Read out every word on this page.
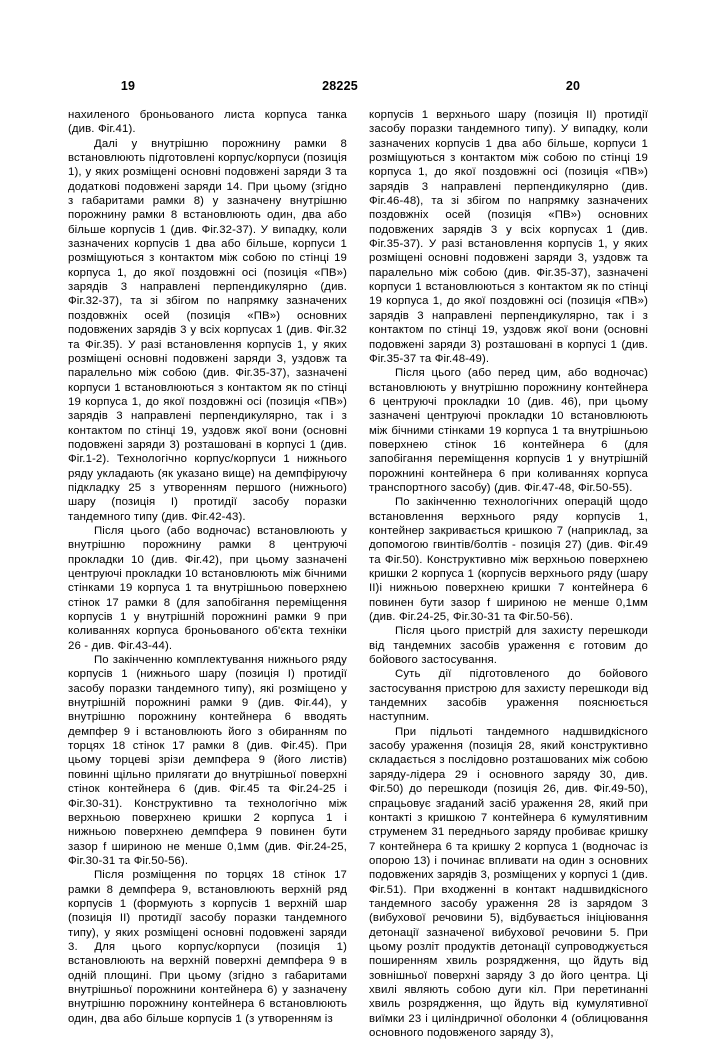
19	28225	20

нахиленого броньованого листа корпуса танка (див. Фіг.41).

Далі у внутрішню порожнину рамки 8 встановлюють підготовлені корпус/корпуси (позиція 1), у яких розміщені основні подовжені заряди 3 та додаткові подовжені заряди 14. При цьому (згідно з габаритами рамки 8) у зазначену внутрішню порожнину рамки 8 встановлюють один, два або більше корпусів 1 (див. Фіг.32-37). У випадку, коли зазначених корпусів 1 два або більше, корпуси 1 розміщуються з контактом між собою по стінці 19 корпуса 1, до якої поздовжні осі (позиція «ПВ») зарядів 3 направлені перпендикулярно (див. Фіг.32-37), та зі збігом по напрямку зазначених поздовжніх осей (позиція «ПВ») основних подовжених зарядів 3 у всіх корпусах 1 (див. Фіг.32 та Фіг.35). У разі встановлення корпусів 1, у яких розміщені основні подовжені заряди 3, уздовж та паралельно між собою (див. Фіг.35-37), зазначені корпуси 1 встановлюються з контактом як по стінці 19 корпуса 1, до якої поздовжні осі (позиція «ПВ») зарядів 3 направлені перпендикулярно, так і з контактом по стінці 19, уздовж якої вони (основні подовжені заряди 3) розташовані в корпусі 1 (див. Фіг.1-2). Технологічно корпус/корпуси 1 нижнього ряду укладають (як указано вище) на демпфіруючу підкладку 25 з утворенням першого (нижнього) шару (позиція I) протидії засобу поразки тандемного типу (див. Фіг.42-43).

Після цього (або водночас) встановлюють у внутрішню порожнину рамки 8 центруючі прокладки 10 (див. Фіг.42), при цьому зазначені центруючі прокладки 10 встановлюють між бічними стінками 19 корпуса 1 та внутрішньою поверхнею стінок 17 рамки 8 (для запобігання переміщення корпусів 1 у внутрішній порожнині рамки 9 при коливаннях корпуса броньованого об'єкта техніки 26 - див. Фіг.43-44).

По закінченню комплектування нижнього ряду корпусів 1 (нижнього шару (позиція I) протидії засобу поразки тандемного типу), які розміщено у внутрішній порожнині рамки 9 (див. Фіг.44), у внутрішню порожнину контейнера 6 вводять демпфер 9 і встановлюють його з обиранням по торцях 18 стінок 17 рамки 8 (див. Фіг.45). При цьому торцеві зрізи демпфера 9 (його листів) повинні щільно прилягати до внутрішньої поверхні стінок контейнера 6 (див. Фіг.45 та Фіг.24-25 і Фіг.30-31). Конструктивно та технологічно між верхньою поверхнею кришки 2 корпуса 1 і нижньою поверхнею демпфера 9 повинен бути зазор f шириною не менше 0,1мм (див. Фіг.24-25, Фіг.30-31 та Фіг.50-56).

Після розміщення по торцях 18 стінок 17 рамки 8 демпфера 9, встановлюють верхній ряд корпусів 1 (формують з корпусів 1 верхній шар (позиція II) протидії засобу поразки тандемного типу), у яких розміщені основні подовжені заряди 3. Для цього корпус/корпуси (позиція 1) встановлюють на верхній поверхні демпфера 9 в одній площині. При цьому (згідно з габаритами внутрішньої порожнини контейнера 6) у зазначену внутрішню порожнину контейнера 6 встановлюють один, два або більше корпусів 1 (з утворенням із

корпусів 1 верхнього шару (позиція II) протидії засобу поразки тандемного типу). У випадку, коли зазначених корпусів 1 два або більше, корпуси 1 розміщуються з контактом між собою по стінці 19 корпуса 1, до якої поздовжні осі (позиція «ПВ») зарядів 3 направлені перпендикулярно (див. Фіг.46-48), та зі збігом по напрямку зазначених поздовжніх осей (позиція «ПВ») основних подовжених зарядів 3 у всіх корпусах 1 (див. Фіг.35-37). У разі встановлення корпусів 1, у яких розміщені основні подовжені заряди 3, уздовж та паралельно між собою (див. Фіг.35-37), зазначені корпуси 1 встановлюються з контактом як по стінці 19 корпуса 1, до якої поздовжні осі (позиція «ПВ») зарядів 3 направлені перпендикулярно, так і з контактом по стінці 19, уздовж якої вони (основні подовжені заряди 3) розташовані в корпусі 1 (див. Фіг.35-37 та Фіг.48-49).

Після цього (або перед цим, або водночас) встановлюють у внутрішню порожнину контейнера 6 центруючі прокладки 10 (див. 46), при цьому зазначені центруючі прокладки 10 встановлюють між бічними стінками 19 корпуса 1 та внутрішньою поверхнею стінок 16 контейнера 6 (для запобігання переміщення корпусів 1 у внутрішній порожнині контейнера 6 при коливаннях корпуса транспортного засобу) (див. Фіг.47-48, Фіг.50-55).

По закінченню технологічних операцій щодо встановлення верхнього ряду корпусів 1, контейнер закривається кришкою 7 (наприклад, за допомогою гвинтів/болтів - позиція 27) (див. Фіг.49 та Фіг.50). Конструктивно між верхньою поверхнею кришки 2 корпуса 1 (корпусів верхнього ряду (шару II)і нижньою поверхнею кришки 7 контейнера 6 повинен бути зазор f шириною не менше 0,1мм (див. Фіг.24-25, Фіг.30-31 та Фіг.50-56).

Після цього пристрій для захисту перешкоди від тандемних засобів ураження є готовим до бойового застосування.

Суть дії підготовленого до бойового застосування пристрою для захисту перешкоди від тандемних засобів ураження пояснюється наступним.

При підльоті тандемного надшвидкісного засобу ураження (позиція 28, який конструктивно складається з послідовно розташованих між собою заряду-лідера 29 і основного заряду 30, див. Фіг.50) до перешкоди (позиція 26, див. Фіг.49-50), спрацьовує згаданий засіб ураження 28, який при контакті з кришкою 7 контейнера 6 кумулятивним струменем 31 переднього заряду пробиває кришку 7 контейнера 6 та кришку 2 корпуса 1 (водночас із опорою 13) і починає впливати на один з основних подовжених зарядів 3, розміщених у корпусі 1 (див. Фіг.51). При входженні в контакт надшвидкісного тандемного засобу ураження 28 із зарядом 3 (вибухової речовини 5), відбувається ініціювання детонації зазначеної вибухової речовини 5. При цьому розліт продуктів детонації супроводжується поширенням хвиль розрядження, що йдуть від зовнішньої поверхні заряду 3 до його центра. Ці хвилі являють собою дуги кіл. При перетинанні хвиль розрядження, що йдуть від кумулятивної виїмки 23 і циліндричної оболонки 4 (облицювання основного подовженого заряду 3),
